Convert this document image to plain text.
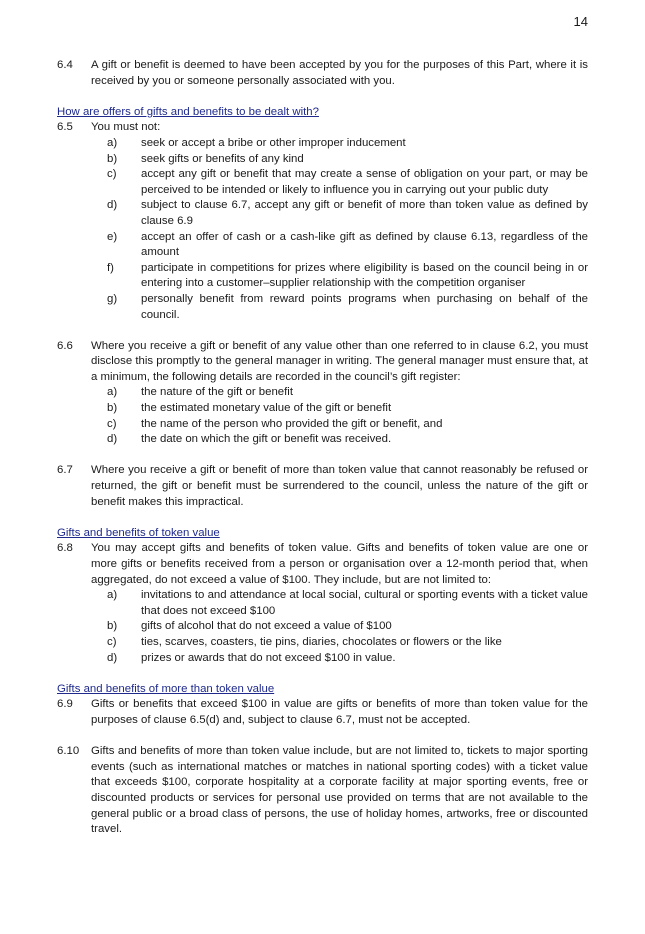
14
6.4	A gift or benefit is deemed to have been accepted by you for the purposes of this Part, where it is received by you or someone personally associated with you.
How are offers of gifts and benefits to be dealt with?
6.5	You must not:
a)	seek or accept a bribe or other improper inducement
b)	seek gifts or benefits of any kind
c)	accept any gift or benefit that may create a sense of obligation on your part, or may be perceived to be intended or likely to influence you in carrying out your public duty
d)	subject to clause 6.7, accept any gift or benefit of more than token value as defined by clause 6.9
e)	accept an offer of cash or a cash-like gift as defined by clause 6.13, regardless of the amount
f)	participate in competitions for prizes where eligibility is based on the council being in or entering into a customer–supplier relationship with the competition organiser
g)	personally benefit from reward points programs when purchasing on behalf of the council.
6.6	Where you receive a gift or benefit of any value other than one referred to in clause 6.2, you must disclose this promptly to the general manager in writing. The general manager must ensure that, at a minimum, the following details are recorded in the council’s gift register:
a)	the nature of the gift or benefit
b)	the estimated monetary value of the gift or benefit
c)	the name of the person who provided the gift or benefit, and
d)	the date on which the gift or benefit was received.
6.7	Where you receive a gift or benefit of more than token value that cannot reasonably be refused or returned, the gift or benefit must be surrendered to the council, unless the nature of the gift or benefit makes this impractical.
Gifts and benefits of token value
6.8	You may accept gifts and benefits of token value. Gifts and benefits of token value are one or more gifts or benefits received from a person or organisation over a 12-month period that, when aggregated, do not exceed a value of $100. They include, but are not limited to:
a)	invitations to and attendance at local social, cultural or sporting events with a ticket value that does not exceed $100
b)	gifts of alcohol that do not exceed a value of $100
c)	ties, scarves, coasters, tie pins, diaries, chocolates or flowers or the like
d)	prizes or awards that do not exceed $100 in value.
Gifts and benefits of more than token value
6.9	Gifts or benefits that exceed $100 in value are gifts or benefits of more than token value for the purposes of clause 6.5(d) and, subject to clause 6.7, must not be accepted.
6.10	Gifts and benefits of more than token value include, but are not limited to, tickets to major sporting events (such as international matches or matches in national sporting codes) with a ticket value that exceeds $100, corporate hospitality at a corporate facility at major sporting events, free or discounted products or services for personal use provided on terms that are not available to the general public or a broad class of persons, the use of holiday homes, artworks, free or discounted travel.
